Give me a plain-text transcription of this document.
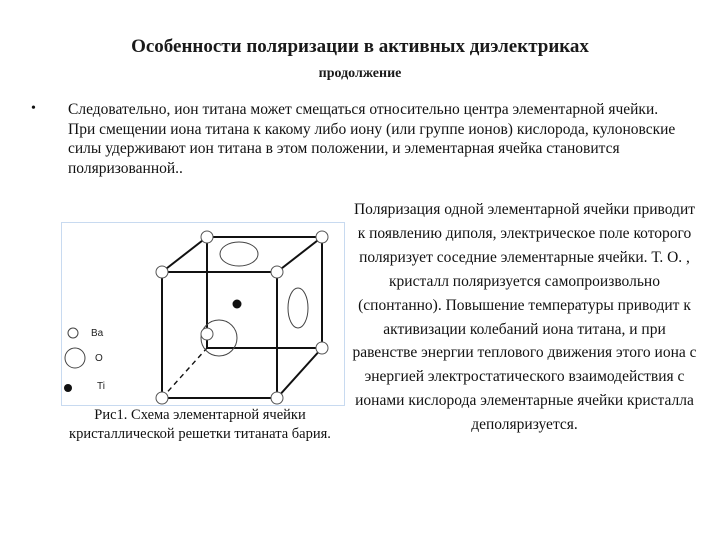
Особенности поляризации в активных диэлектриках
продолжение
• Следовательно, ион титана может смещаться относительно центра элементарной ячейки. При смещении иона титана к какому либо иону (или группе ионов) кислорода, кулоновские силы удерживают ион титана в этом положении, и элементарная ячейка становится поляризованной..

Ba
O
Ti

Рис1. Схема элементарной ячейки кристаллической решетки титаната бария.

Поляризация одной элементарной ячейки приводит к появлению диполя, электрическое поле которого поляризует соседние элементарные ячейки. Т. О. , кристалл поляризуется самопроизвольно (спонтанно). Повышение температуры приводит к активизации колебаний иона титана, и при равенстве энергии теплового движения этого иона с энергией электростатического взаимодействия с ионами кислорода элементарные ячейки кристалла деполяризуется.
